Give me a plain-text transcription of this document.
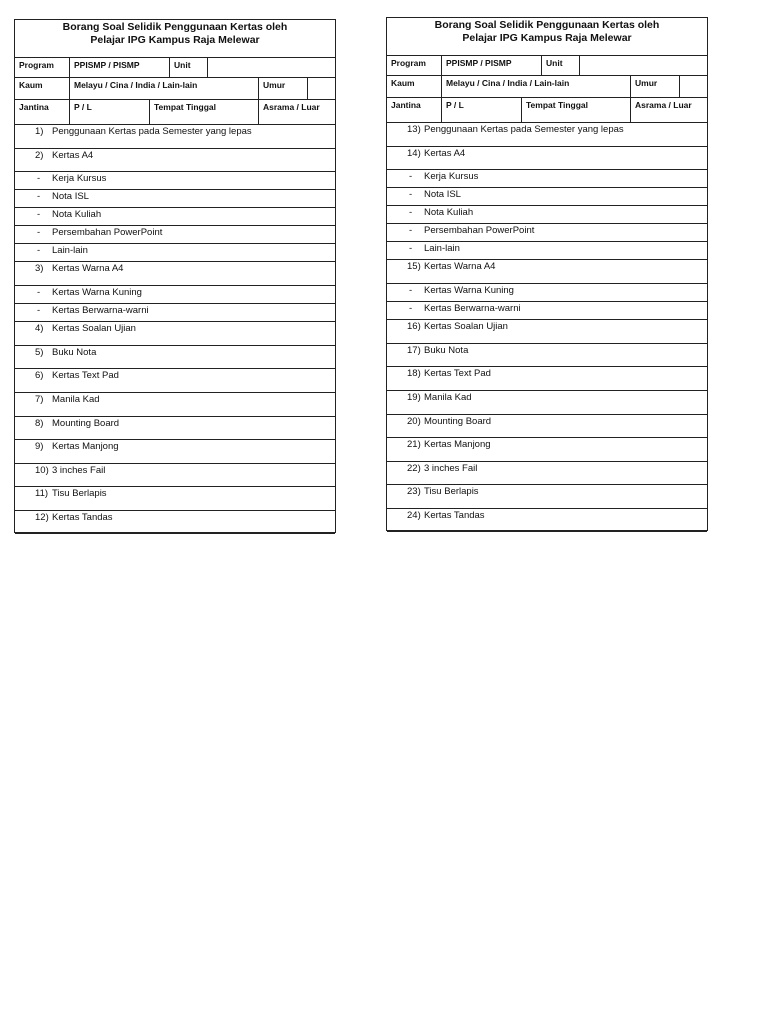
Borang Soal Selidik Penggunaan Kertas oleh
Pelajar IPG Kampus Raja Melewar
Program	PPISMP / PISMP	Unit
Kaum	Melayu / Cina / India / Lain-lain	Umur
Jantina	P / L	Tempat Tinggal	Asrama / Luar
1) Penggunaan Kertas pada Semester yang lepas
2) Kertas A4
- Kerja Kursus
- Nota ISL
- Nota Kuliah
- Persembahan PowerPoint
- Lain-lain
3) Kertas Warna A4
- Kertas Warna Kuning
- Kertas Berwarna-warni
4) Kertas Soalan Ujian
5) Buku Nota
6) Kertas Text Pad
7) Manila Kad
8) Mounting Board
9) Kertas Manjong
10) 3 inches Fail
11) Tisu Berlapis
12) Kertas Tandas
Borang Soal Selidik Penggunaan Kertas oleh
Pelajar IPG Kampus Raja Melewar
Program	PPISMP / PISMP	Unit
Kaum	Melayu / Cina / India / Lain-lain	Umur
Jantina	P / L	Tempat Tinggal	Asrama / Luar
13) Penggunaan Kertas pada Semester yang lepas
14) Kertas A4
- Kerja Kursus
- Nota ISL
- Nota Kuliah
- Persembahan PowerPoint
- Lain-lain
15) Kertas Warna A4
- Kertas Warna Kuning
- Kertas Berwarna-warni
16) Kertas Soalan Ujian
17) Buku Nota
18) Kertas Text Pad
19) Manila Kad
20) Mounting Board
21) Kertas Manjong
22) 3 inches Fail
23) Tisu Berlapis
24) Kertas Tandas
